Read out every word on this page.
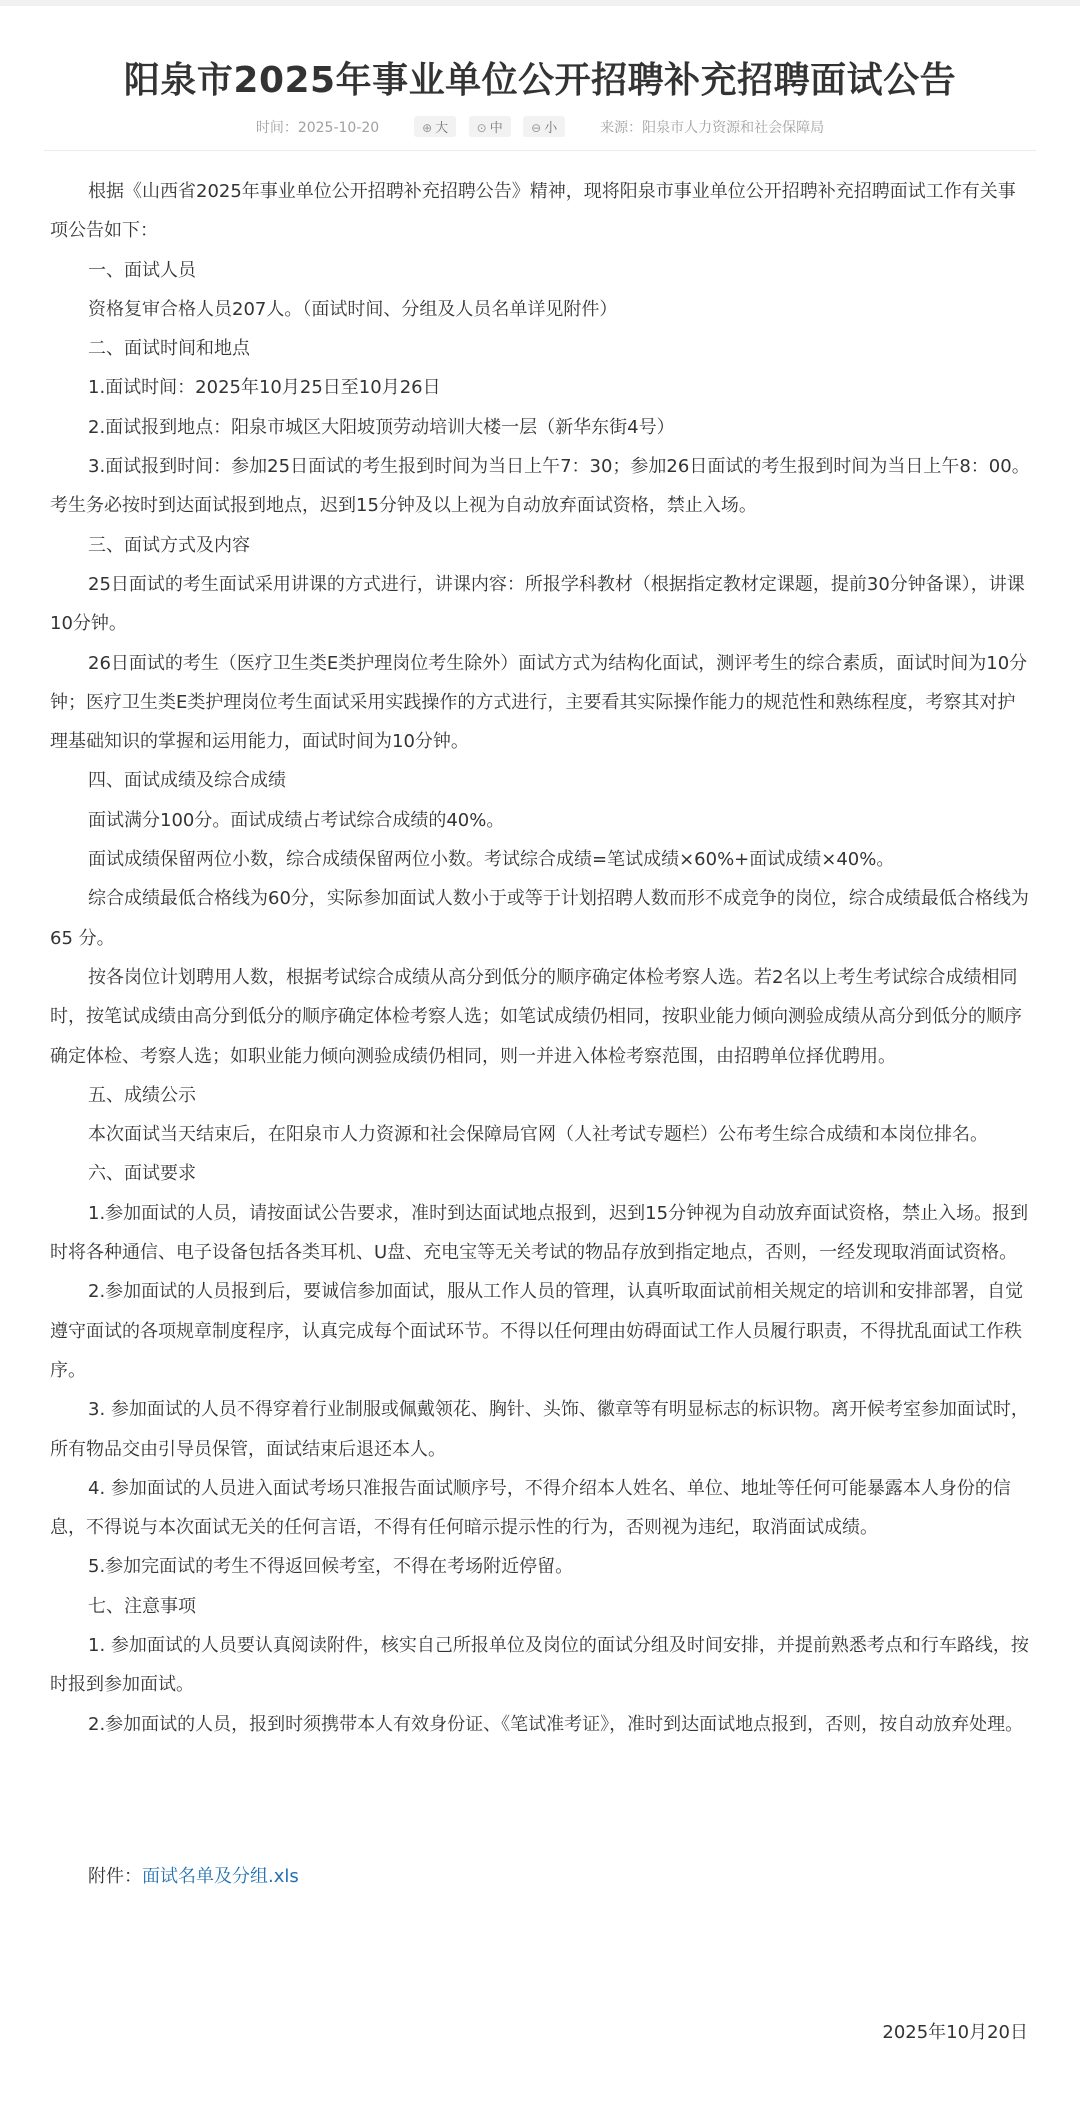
阳泉市2025年事业单位公开招聘补充招聘面试公告
时间：2025-10-20	⊕ 大 ⊙ 中 ⊖ 小	来源：阳泉市人力资源和社会保障局

根据《山西省2025年事业单位公开招聘补充招聘公告》精神，现将阳泉市事业单位公开招聘补充招聘面试工作有关事项公告如下：

一、面试人员

资格复审合格人员207人。（面试时间、分组及人员名单详见附件）

二、面试时间和地点

1.面试时间：2025年10月25日至10月26日

2.面试报到地点：阳泉市城区大阳坡顶劳动培训大楼一层（新华东街4号）

3.面试报到时间：参加25日面试的考生报到时间为当日上午7：30；参加26日面试的考生报到时间为当日上午8：00。考生务必按时到达面试报到地点，迟到15分钟及以上视为自动放弃面试资格，禁止入场。

三、面试方式及内容

25日面试的考生面试采用讲课的方式进行，讲课内容：所报学科教材（根据指定教材定课题，提前30分钟备课），讲课10分钟。

26日面试的考生（医疗卫生类E类护理岗位考生除外）面试方式为结构化面试，测评考生的综合素质，面试时间为10分钟；医疗卫生类E类护理岗位考生面试采用实践操作的方式进行，主要看其实际操作能力的规范性和熟练程度，考察其对护理基础知识的掌握和运用能力，面试时间为10分钟。

四、面试成绩及综合成绩

面试满分100分。面试成绩占考试综合成绩的40%。

面试成绩保留两位小数，综合成绩保留两位小数。考试综合成绩=笔试成绩×60%+面试成绩×40%。

综合成绩最低合格线为60分，实际参加面试人数小于或等于计划招聘人数而形不成竞争的岗位，综合成绩最低合格线为65 分。

按各岗位计划聘用人数，根据考试综合成绩从高分到低分的顺序确定体检考察人选。若2名以上考生考试综合成绩相同时，按笔试成绩由高分到低分的顺序确定体检考察人选；如笔试成绩仍相同，按职业能力倾向测验成绩从高分到低分的顺序确定体检、考察人选；如职业能力倾向测验成绩仍相同，则一并进入体检考察范围，由招聘单位择优聘用。

五、成绩公示

本次面试当天结束后，在阳泉市人力资源和社会保障局官网（人社考试专题栏）公布考生综合成绩和本岗位排名。

六、面试要求

1.参加面试的人员，请按面试公告要求，准时到达面试地点报到，迟到15分钟视为自动放弃面试资格，禁止入场。报到时将各种通信、电子设备包括各类耳机、U盘、充电宝等无关考试的物品存放到指定地点，否则，一经发现取消面试资格。

2.参加面试的人员报到后，要诚信参加面试，服从工作人员的管理，认真听取面试前相关规定的培训和安排部署，自觉遵守面试的各项规章制度程序，认真完成每个面试环节。不得以任何理由妨碍面试工作人员履行职责，不得扰乱面试工作秩序。

3. 参加面试的人员不得穿着行业制服或佩戴领花、胸针、头饰、徽章等有明显标志的标识物。离开候考室参加面试时，所有物品交由引导员保管，面试结束后退还本人。

4. 参加面试的人员进入面试考场只准报告面试顺序号，不得介绍本人姓名、单位、地址等任何可能暴露本人身份的信息，不得说与本次面试无关的任何言语，不得有任何暗示提示性的行为，否则视为违纪，取消面试成绩。

5.参加完面试的考生不得返回候考室，不得在考场附近停留。

七、注意事项

1. 参加面试的人员要认真阅读附件，核实自己所报单位及岗位的面试分组及时间安排，并提前熟悉考点和行车路线，按时报到参加面试。

2.参加面试的人员，报到时须携带本人有效身份证、《笔试准考证》，准时到达面试地点报到，否则，按自动放弃处理。

附件：面试名单及分组.xls
2025年10月20日
